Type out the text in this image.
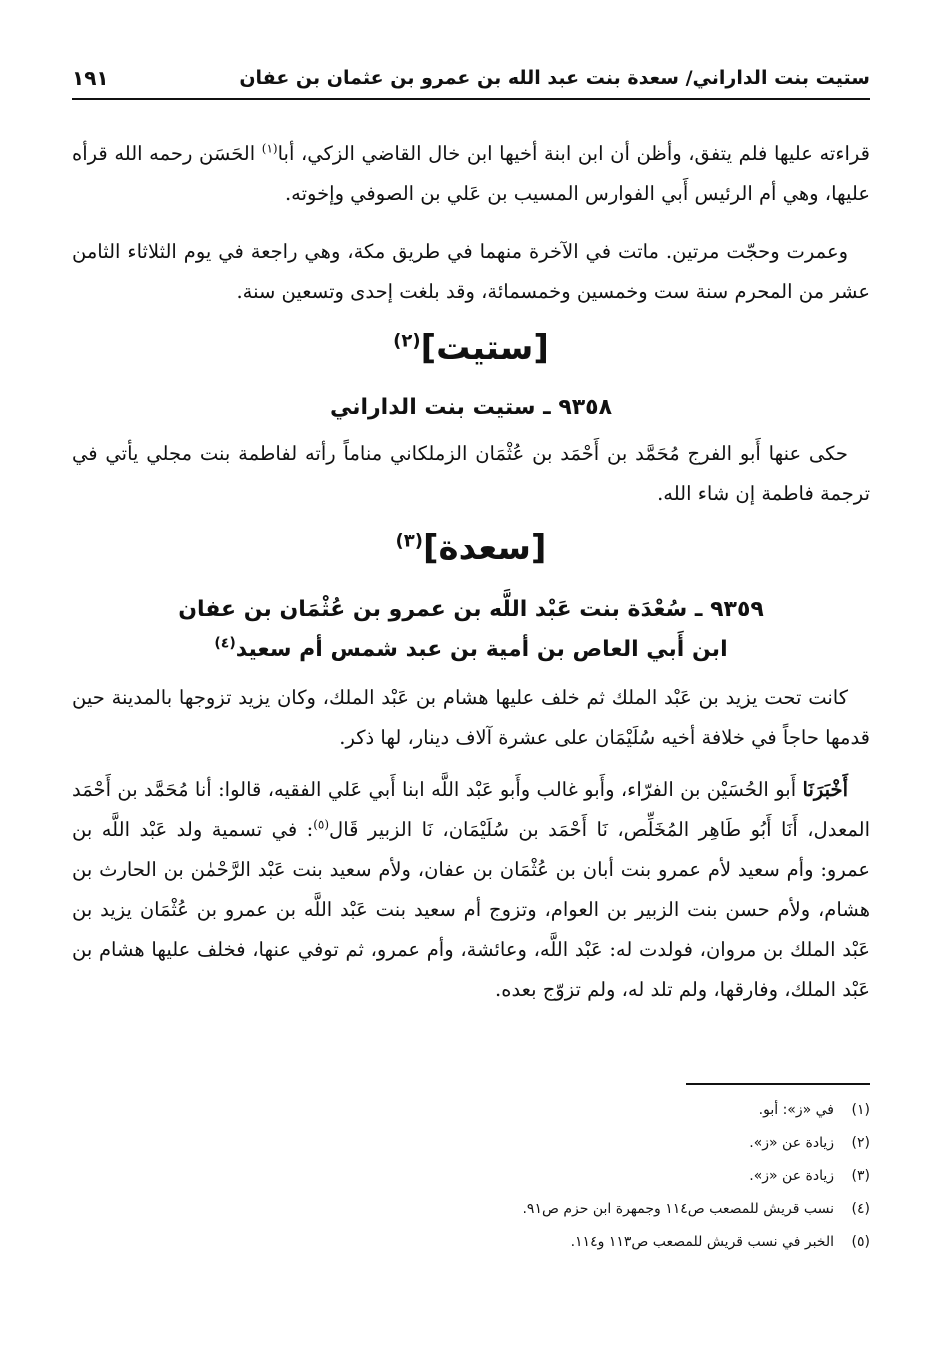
ستيت بنت الداراني/ سعدة بنت عبد الله بن عمرو بن عثمان بن عفان
١٩١

قراءته عليها فلم يتفق، وأظن أن ابن ابنة أخيها ابن خال القاضي الزكي، أبا$^{(١)}$ الحَسَن رحمه الله قرأه عليها، وهي أم الرئيس أَبي الفوارس المسيب بن عَلي بن الصوفي وإخوته.

وعمرت وحجّت مرتين. ماتت في الآخرة منهما في طريق مكة، وهي راجعة في يوم الثلاثاء الثامن عشر من المحرم سنة ست وخمسين وخمسمائة، وقد بلغت إحدى وتسعين سنة.

[ستيت]$^{(٢)}$
٩٣٥٨ ـ ستيت بنت الداراني

حكى عنها أَبو الفرج مُحَمَّد بن أَحْمَد بن عُثْمَان الزملكاني مناماً رأته لفاطمة بنت مجلي يأتي في ترجمة فاطمة إن شاء الله.

[سعدة]$^{(٣)}$
٩٣٥٩ ـ سُعْدَة بنت عَبْد اللَّه بن عمرو بن عُثْمَان بن عفان
ابن أَبي العاص بن أمية بن عبد شمس أم سعيد$^{(٤)}$

كانت تحت يزيد بن عَبْد الملك ثم خلف عليها هشام بن عَبْد الملك، وكان يزيد تزوجها بالمدينة حين قدمها حاجاً في خلافة أخيه سُلَيْمَان على عشرة آلاف دينار، لها ذكر.

أَخْبَرَنَا أَبو الحُسَيْن بن الفرّاء، وأَبو غالب وأَبو عَبْد اللَّه ابنا أَبي عَلي الفقيه، قالوا: أنا مُحَمَّد بن أَحْمَد المعدل، أَنَا أَبُو طَاهِر المُخَلِّص، نَا أَحْمَد بن سُلَيْمَان، نَا الزبير قَال$^{(٥)}$: في تسمية ولد عَبْد اللَّه بن عمرو: وأم سعيد لأم عمرو بنت أبان بن عُثْمَان بن عفان، ولأم سعيد بنت عَبْد الرَّحْمٰن بن الحارث بن هشام، ولأم حسن بنت الزبير بن العوام، وتزوج أم سعيد بنت عَبْد اللَّه بن عمرو بن عُثْمَان يزيد بن عَبْد الملك بن مروان، فولدت له: عَبْد اللَّه، وعائشة، وأم عمرو، ثم توفي عنها، فخلف عليها هشام بن عَبْد الملك، وفارقها، ولم تلد له، ولم تزوّج بعده.

(١)
في «ز»: أبو.
(٢)
زيادة عن «ز».
(٣)
زيادة عن «ز».
(٤)
نسب قريش للمصعب ص١١٤ وجمهرة ابن حزم ص٩١.
(٥)
الخبر في نسب قريش للمصعب ص١١٣ و١١٤.
